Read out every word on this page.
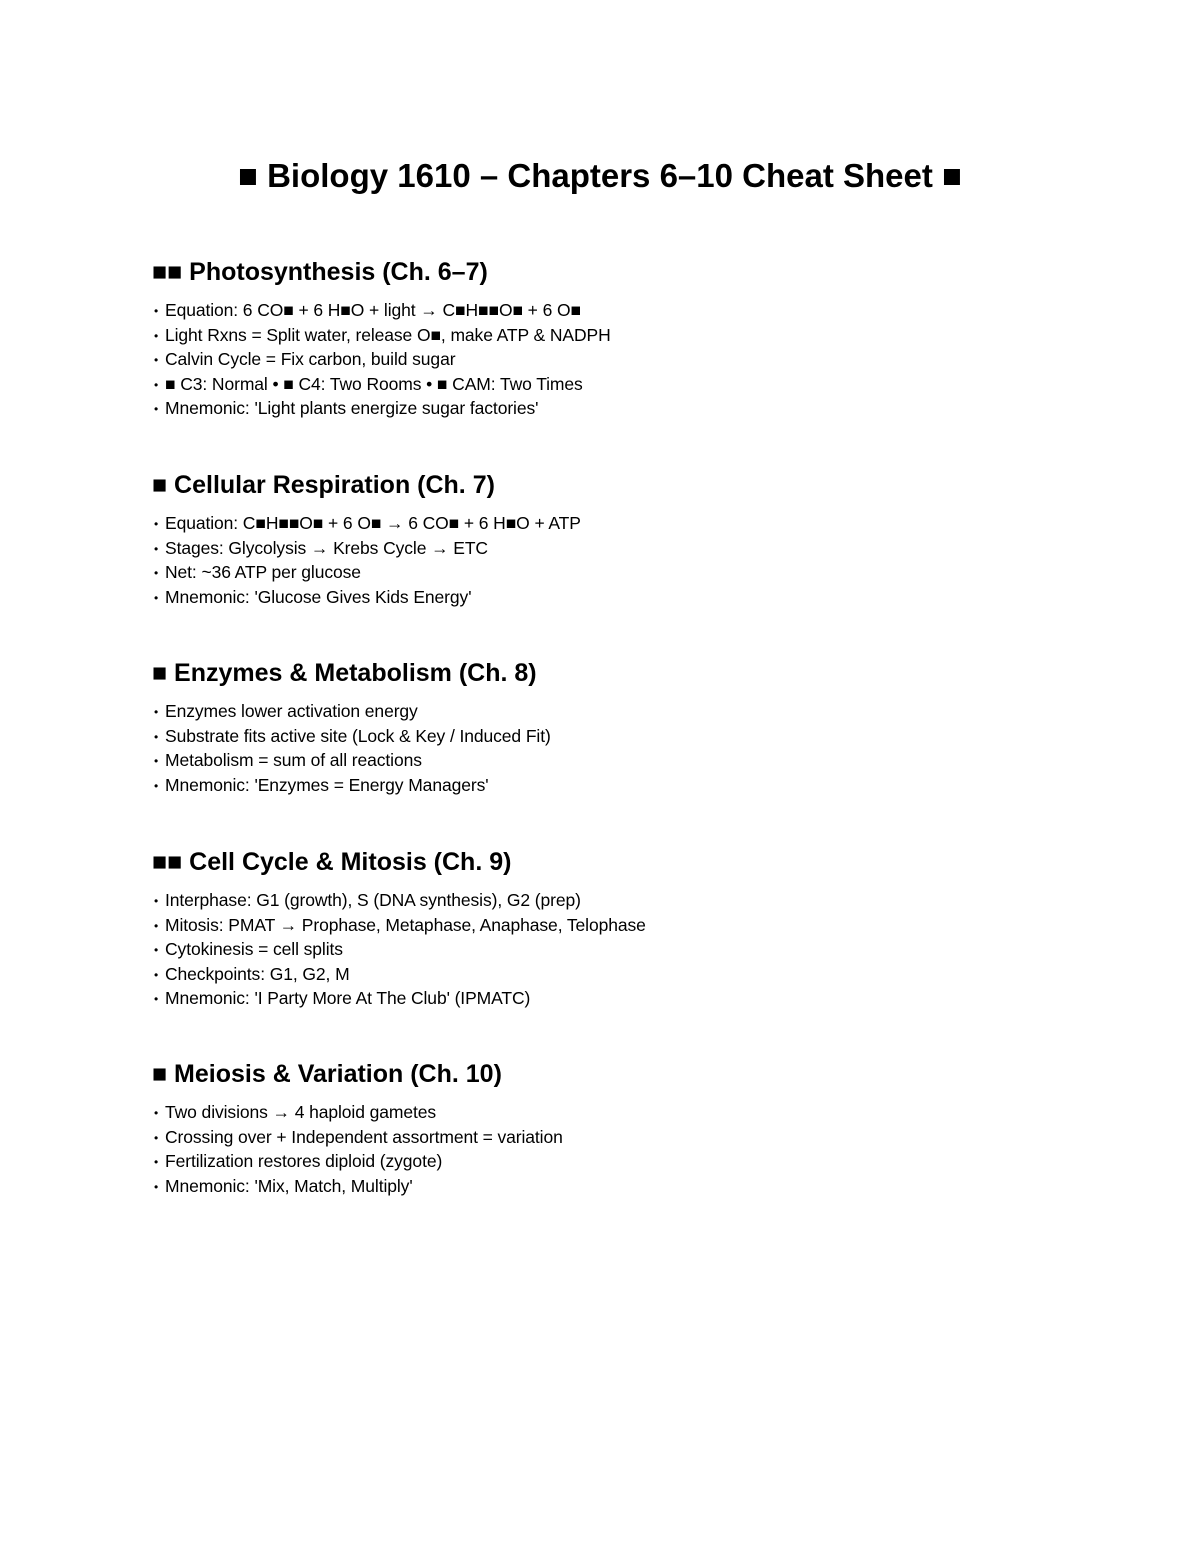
■ Biology 1610 – Chapters 6–10 Cheat Sheet ■
■■ Photosynthesis (Ch. 6–7)
• Equation: 6 CO■ + 6 H■O + light → C■H■■O■ + 6 O■
• Light Rxns = Split water, release O■, make ATP & NADPH
• Calvin Cycle = Fix carbon, build sugar
• ■ C3: Normal • ■ C4: Two Rooms • ■ CAM: Two Times
• Mnemonic: 'Light plants energize sugar factories'
■ Cellular Respiration (Ch. 7)
• Equation: C■H■■O■ + 6 O■ → 6 CO■ + 6 H■O + ATP
• Stages: Glycolysis → Krebs Cycle → ETC
• Net: ~36 ATP per glucose
• Mnemonic: 'Glucose Gives Kids Energy'
■ Enzymes & Metabolism (Ch. 8)
• Enzymes lower activation energy
• Substrate fits active site (Lock & Key / Induced Fit)
• Metabolism = sum of all reactions
• Mnemonic: 'Enzymes = Energy Managers'
■■ Cell Cycle & Mitosis (Ch. 9)
• Interphase: G1 (growth), S (DNA synthesis), G2 (prep)
• Mitosis: PMAT → Prophase, Metaphase, Anaphase, Telophase
• Cytokinesis = cell splits
• Checkpoints: G1, G2, M
• Mnemonic: 'I Party More At The Club' (IPMATC)
■ Meiosis & Variation (Ch. 10)
• Two divisions → 4 haploid gametes
• Crossing over + Independent assortment = variation
• Fertilization restores diploid (zygote)
• Mnemonic: 'Mix, Match, Multiply'
